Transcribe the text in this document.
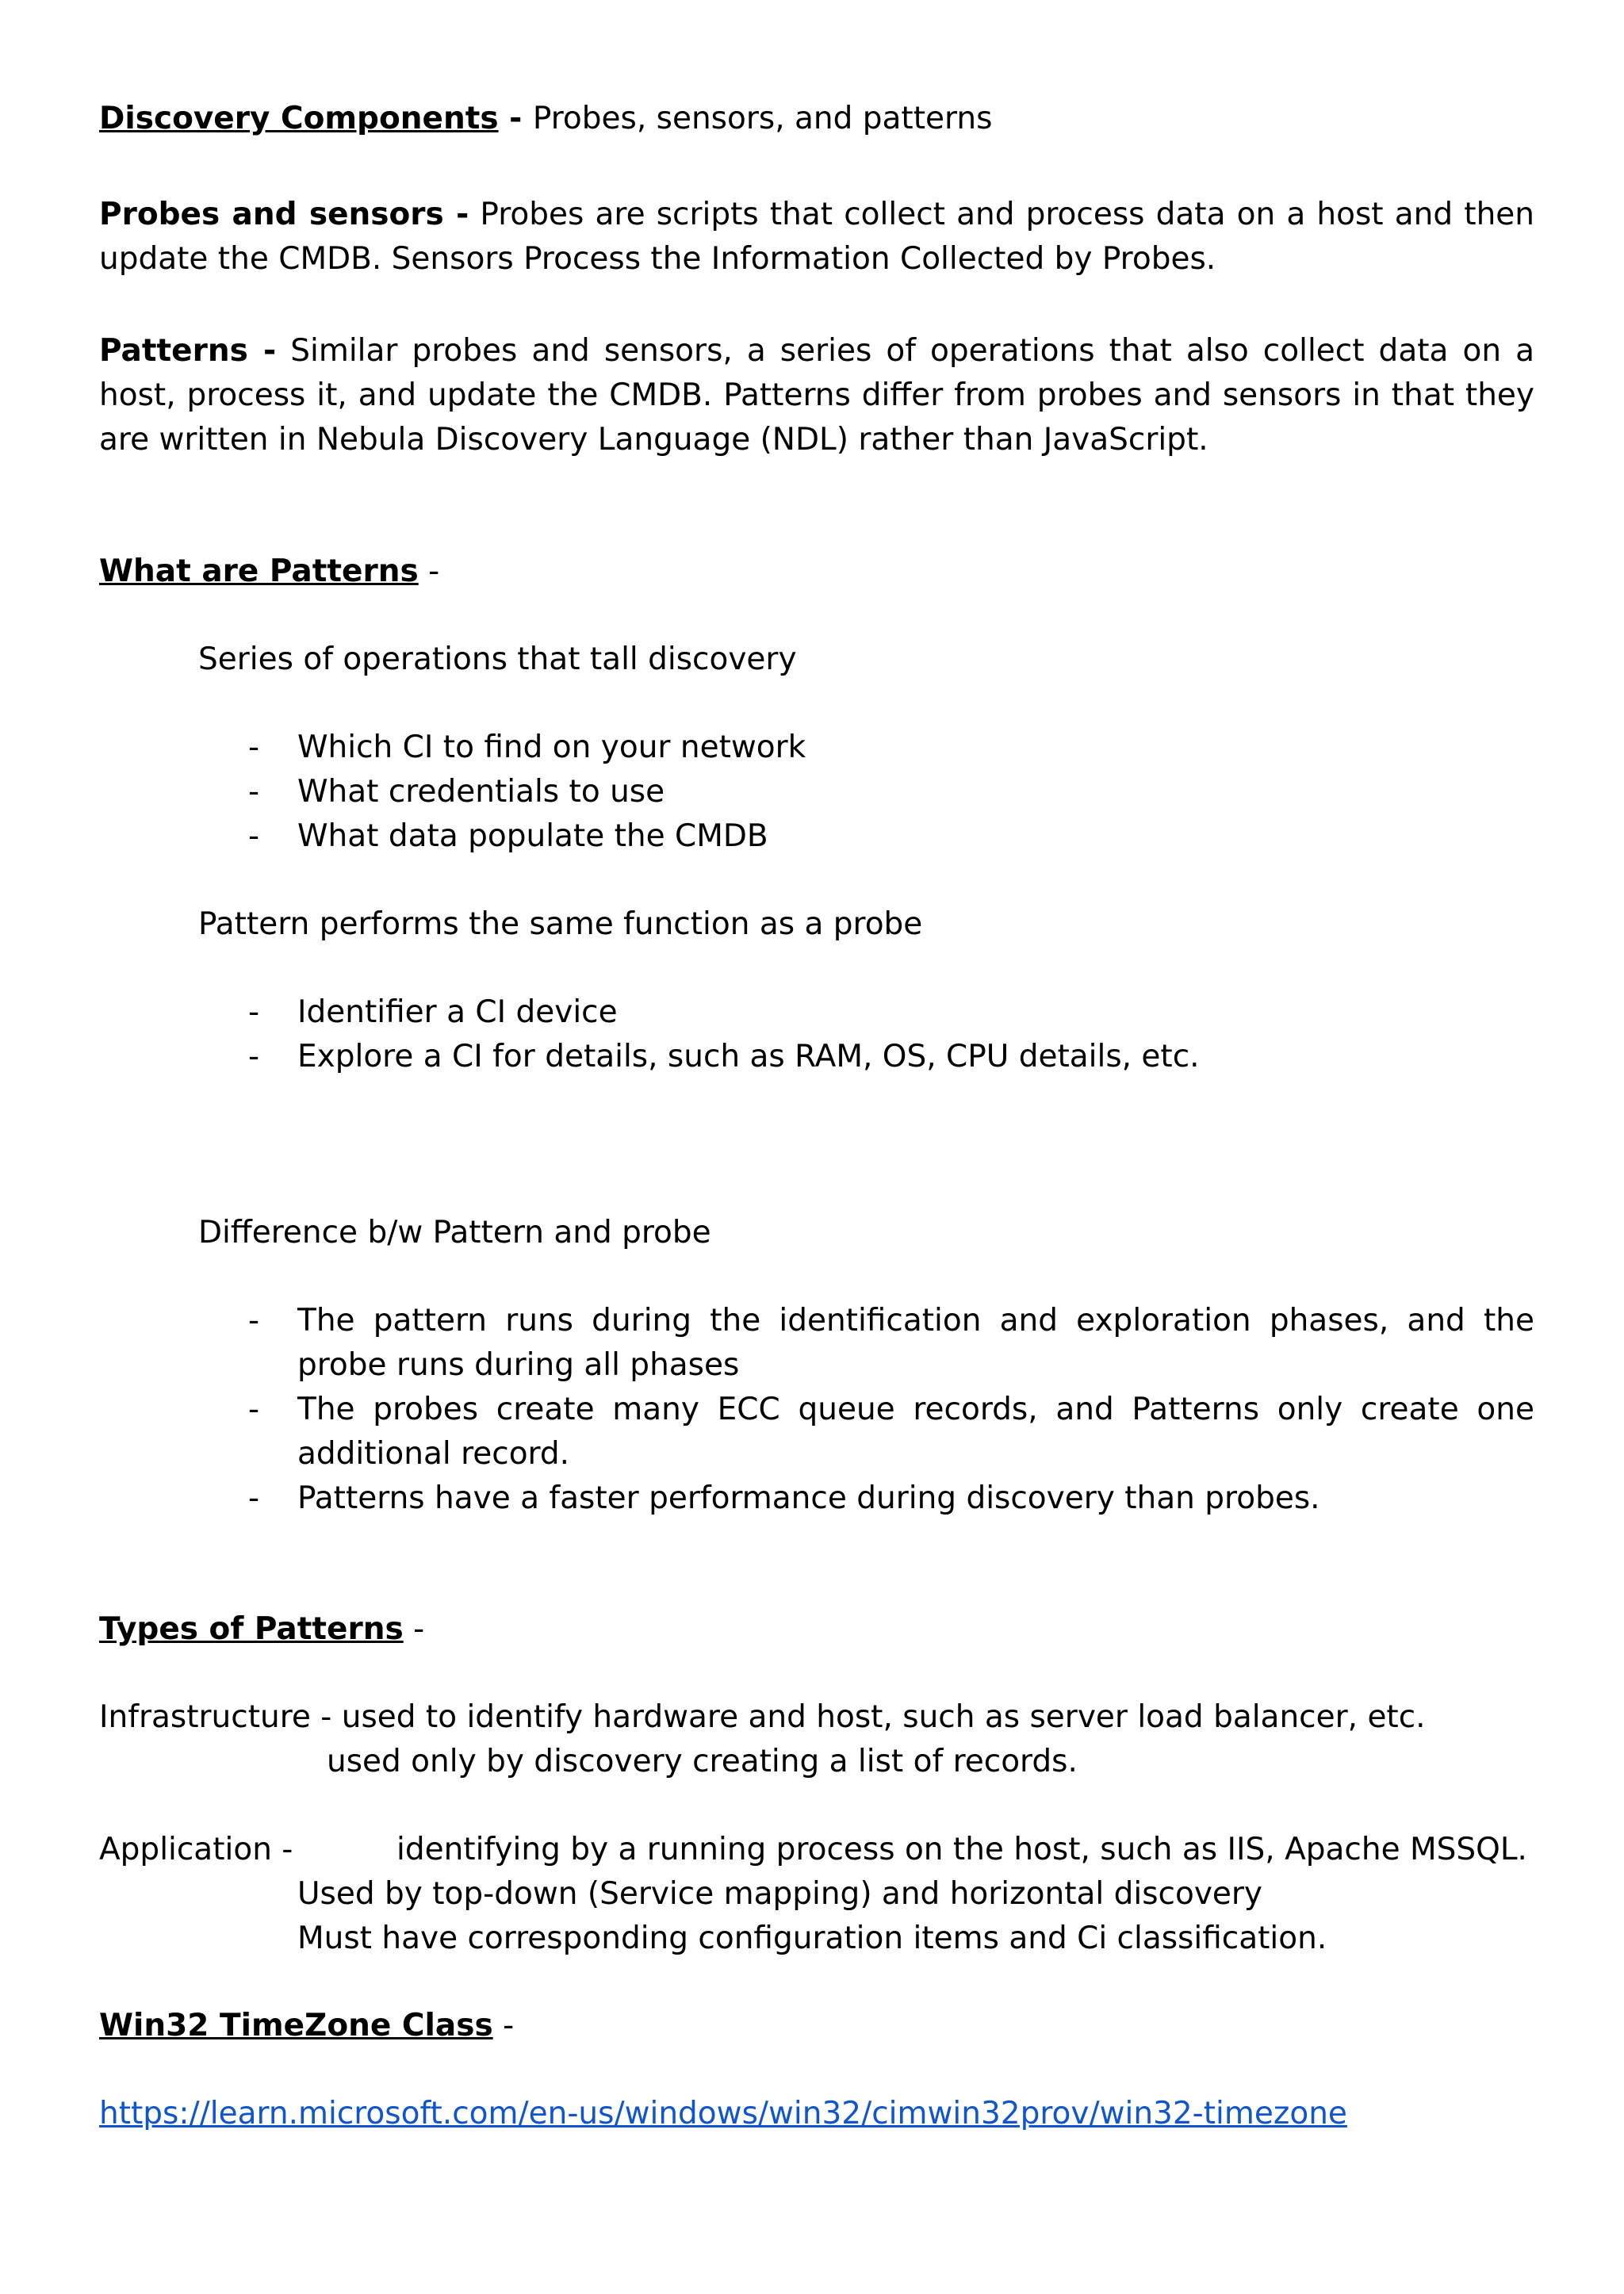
Discovery Components - Probes, sensors, and patterns

Probes and sensors - Probes are scripts that collect and process data on a host and then update the CMDB. Sensors Process the Information Collected by Probes.

Patterns - Similar probes and sensors, a series of operations that also collect data on a host, process it, and update the CMDB. Patterns differ from probes and sensors in that they are written in Nebula Discovery Language (NDL) rather than JavaScript.

What are Patterns -

Series of operations that tall discovery

- Which CI to find on your network
- What credentials to use
- What data populate the CMDB

Pattern performs the same function as a probe

- Identifier a CI device
- Explore a CI for details, such as RAM, OS, CPU details, etc.

Difference b/w Pattern and probe

- The pattern runs during the identification and exploration phases, and the probe runs during all phases
- The probes create many ECC queue records, and Patterns only create one additional record.
- Patterns have a faster performance during discovery than probes.

Types of Patterns -

Infrastructure - used to identify hardware and host, such as server load balancer, etc.

used only by discovery creating a list of records.

Application -	identifying by a running process on the host, such as IIS, Apache MSSQL.

Used by top-down (Service mapping) and horizontal discovery

Must have corresponding configuration items and Ci classification.

Win32 TimeZone Class -

https://learn.microsoft.com/en-us/windows/win32/cimwin32prov/win32-timezone
